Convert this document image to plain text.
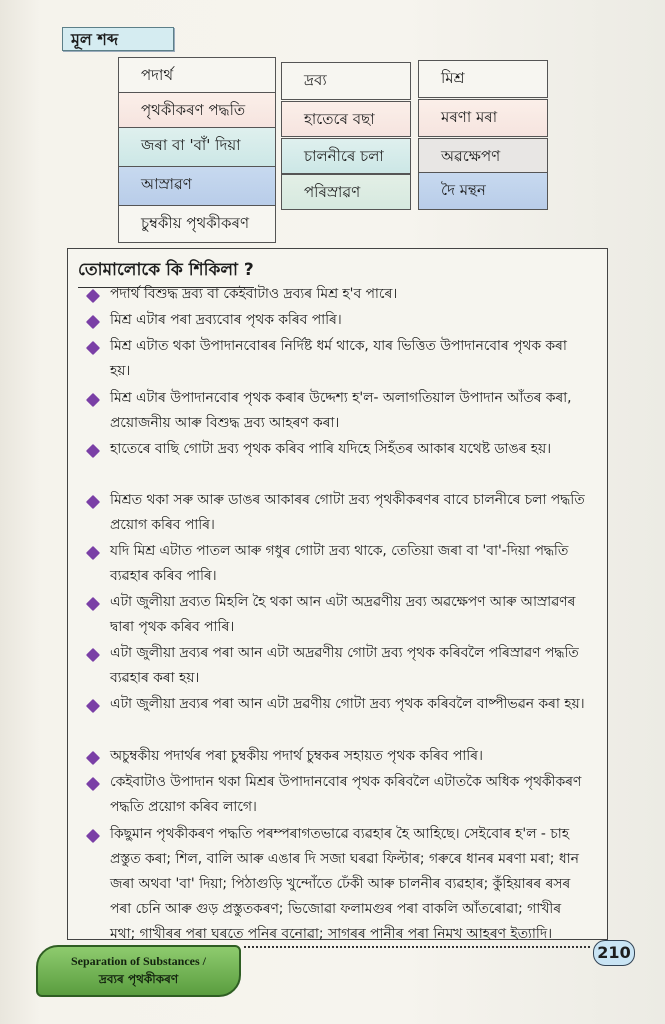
মূল শব্দ
পদাৰ্থ
পৃথকীকৰণ পদ্ধতি
জৰা বা 'বাঁ' দিয়া
আস্ৰাৱণ
চুম্বকীয় পৃথকীকৰণ
দ্ৰব্য
হাতেৰে বছা
চালনীৰে চলা
পৰিস্ৰাৱণ
মিশ্ৰ
মৰণা মৰা
অৱক্ষেপণ
দৈ মন্থন
তোমালোকে কি শিকিলা ?
পদাৰ্থ বিশুদ্ধ দ্ৰব্য বা কেইবাটাও দ্ৰব্যৰ মিশ্ৰ হ'ব পাৰে।
মিশ্ৰ এটাৰ পৰা দ্ৰব্যবোৰ পৃথক কৰিব পাৰি।
মিশ্ৰ এটাত থকা উপাদানবোৰৰ নিৰ্দিষ্ট ধৰ্ম থাকে, যাৰ ভিত্তিত উপাদানবোৰ পৃথক কৰা হয়।
মিশ্ৰ এটাৰ উপাদানবোৰ পৃথক কৰাৰ উদ্দেশ্য হ'ল- অলাগতিয়াল উপাদান আঁতৰ কৰা, প্ৰয়োজনীয় আৰু বিশুদ্ধ দ্ৰব্য আহৰণ কৰা।
হাতেৰে বাছি গোটা দ্ৰব্য পৃথক কৰিব পাৰি যদিহে সিহঁতৰ আকাৰ যথেষ্ট ডাঙৰ হয়।
মিশ্ৰত থকা সৰু আৰু ডাঙৰ আকাৰৰ গোটা দ্ৰব্য পৃথকীকৰণৰ বাবে চালনীৰে চলা পদ্ধতি প্ৰয়োগ কৰিব পাৰি।
যদি মিশ্ৰ এটাত পাতল আৰু গধুৰ গোটা দ্ৰব্য থাকে, তেতিয়া জৰা বা 'বা'-দিয়া পদ্ধতি ব্যৱহাৰ কৰিব পাৰি।
এটা জুলীয়া দ্ৰব্যত মিহলি হৈ থকা আন এটা অদ্ৰৱণীয় দ্ৰব্য অৱক্ষেপণ আৰু আস্ৰাৱণৰ দ্বাৰা পৃথক কৰিব পাৰি।
এটা জুলীয়া দ্ৰব্যৰ পৰা আন এটা অদ্ৰৱণীয় গোটা দ্ৰব্য পৃথক কৰিবলৈ পৰিস্ৰাৱণ পদ্ধতি ব্যৱহাৰ কৰা হয়।
এটা জুলীয়া দ্ৰব্যৰ পৰা আন এটা দ্ৰৱণীয় গোটা দ্ৰব্য পৃথক কৰিবলৈ বাষ্পীভৱন কৰা হয়।
অচুম্বকীয় পদাৰ্থৰ পৰা চুম্বকীয় পদাৰ্থ চুম্বকৰ সহায়ত পৃথক কৰিব পাৰি।
কেইবাটাও উপাদান থকা মিশ্ৰৰ উপাদানবোৰ পৃথক কৰিবলৈ এটাতকৈ অধিক পৃথকীকৰণ পদ্ধতি প্ৰয়োগ কৰিব লাগে।
কিছুমান পৃথকীকৰণ পদ্ধতি পৰম্পৰাগতভাৱে ব্যৱহাৰ হৈ আহিছে। সেইবোৰ হ'ল - চাহ প্ৰস্তুত কৰা; শিল, বালি আৰু এঙাৰ দি সজা ঘৰৱা ফিল্টাৰ; গৰুৰে ধানৰ মৰণা মৰা; ধান জৰা অথবা 'বা' দিয়া; পিঠাগুড়ি খুন্দোঁতে ঢেঁকী আৰু চালনীৰ ব্যৱহাৰ; কুঁহিয়াৰৰ ৰসৰ পৰা চেনি আৰু গুড় প্ৰস্তুতকৰণ; ভিজোৱা ফলামগুৰ পৰা বাকলি আঁতৰোৱা; গাখীৰ মথা; গাখীৰৰ পৰা ঘৰতে পনিৰ বনোৱা; সাগৰৰ পানীৰ পৰা নিমখ আহৰণ ইত্যাদি।
Separation of Substances /
দ্ৰব্যৰ পৃথকীকৰণ
210
